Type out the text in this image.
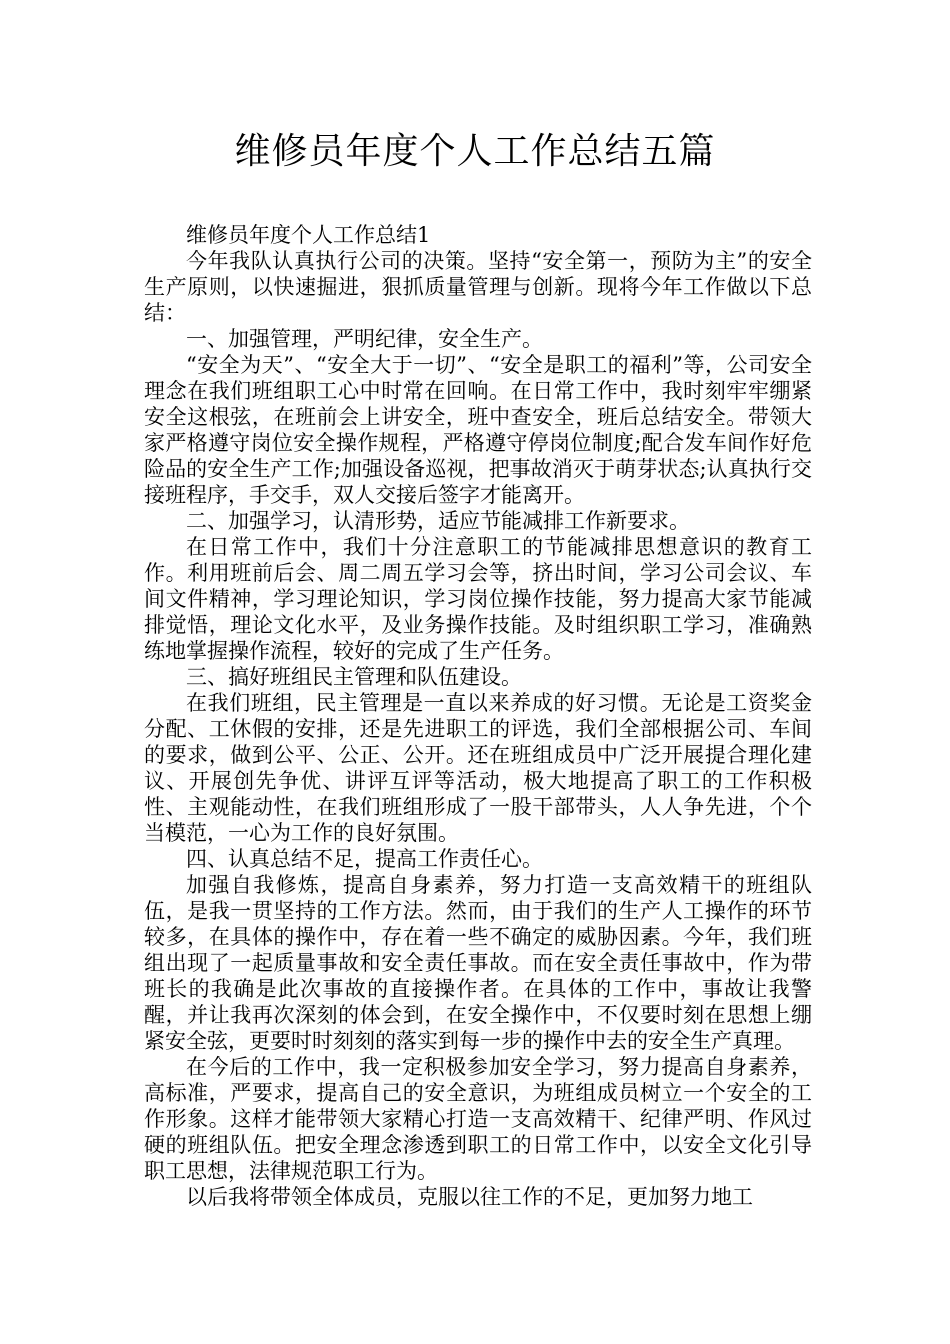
维修员年度个人工作总结五篇

维修员年度个人工作总结1

今年我队认真执行公司的决策。坚持“安全第一，预防为主”的安全生产原则，以快速掘进，狠抓质量管理与创新。现将今年工作做以下总结：

一、加强管理，严明纪律，安全生产。

“安全为天”、“安全大于一切”、“安全是职工的福利”等，公司安全理念在我们班组职工心中时常在回响。在日常工作中，我时刻牢牢绷紧安全这根弦，在班前会上讲安全，班中查安全，班后总结安全。带领大家严格遵守岗位安全操作规程，严格遵守停岗位制度;配合发车间作好危险品的安全生产工作;加强设备巡视，把事故消灭于萌芽状态;认真执行交接班程序，手交手，双人交接后签字才能离开。

二、加强学习，认清形势，适应节能减排工作新要求。

在日常工作中，我们十分注意职工的节能减排思想意识的教育工作。利用班前后会、周二周五学习会等，挤出时间，学习公司会议、车间文件精神，学习理论知识，学习岗位操作技能，努力提高大家节能减排觉悟，理论文化水平，及业务操作技能。及时组织职工学习，准确熟练地掌握操作流程，较好的完成了生产任务。

三、搞好班组民主管理和队伍建设。

在我们班组，民主管理是一直以来养成的好习惯。无论是工资奖金分配、工休假的安排，还是先进职工的评选，我们全部根据公司、车间的要求，做到公平、公正、公开。还在班组成员中广泛开展提合理化建议、开展创先争优、讲评互评等活动，极大地提高了职工的工作积极性、主观能动性，在我们班组形成了一股干部带头，人人争先进，个个当模范，一心为工作的良好氛围。

四、认真总结不足，提高工作责任心。

加强自我修炼，提高自身素养，努力打造一支高效精干的班组队伍，是我一贯坚持的工作方法。然而，由于我们的生产人工操作的环节较多，在具体的操作中，存在着一些不确定的威胁因素。今年，我们班组出现了一起质量事故和安全责任事故。而在安全责任事故中，作为带班长的我确是此次事故的直接操作者。在具体的工作中，事故让我警醒，并让我再次深刻的体会到，在安全操作中，不仅要时刻在思想上绷紧安全弦，更要时时刻刻的落实到每一步的操作中去的安全生产真理。

在今后的工作中，我一定积极参加安全学习，努力提高自身素养，高标准，严要求，提高自己的安全意识，为班组成员树立一个安全的工作形象。这样才能带领大家精心打造一支高效精干、纪律严明、作风过硬的班组队伍。把安全理念渗透到职工的日常工作中，以安全文化引导职工思想，法律规范职工行为。

以后我将带领全体成员，克服以往工作的不足，更加努力地工
